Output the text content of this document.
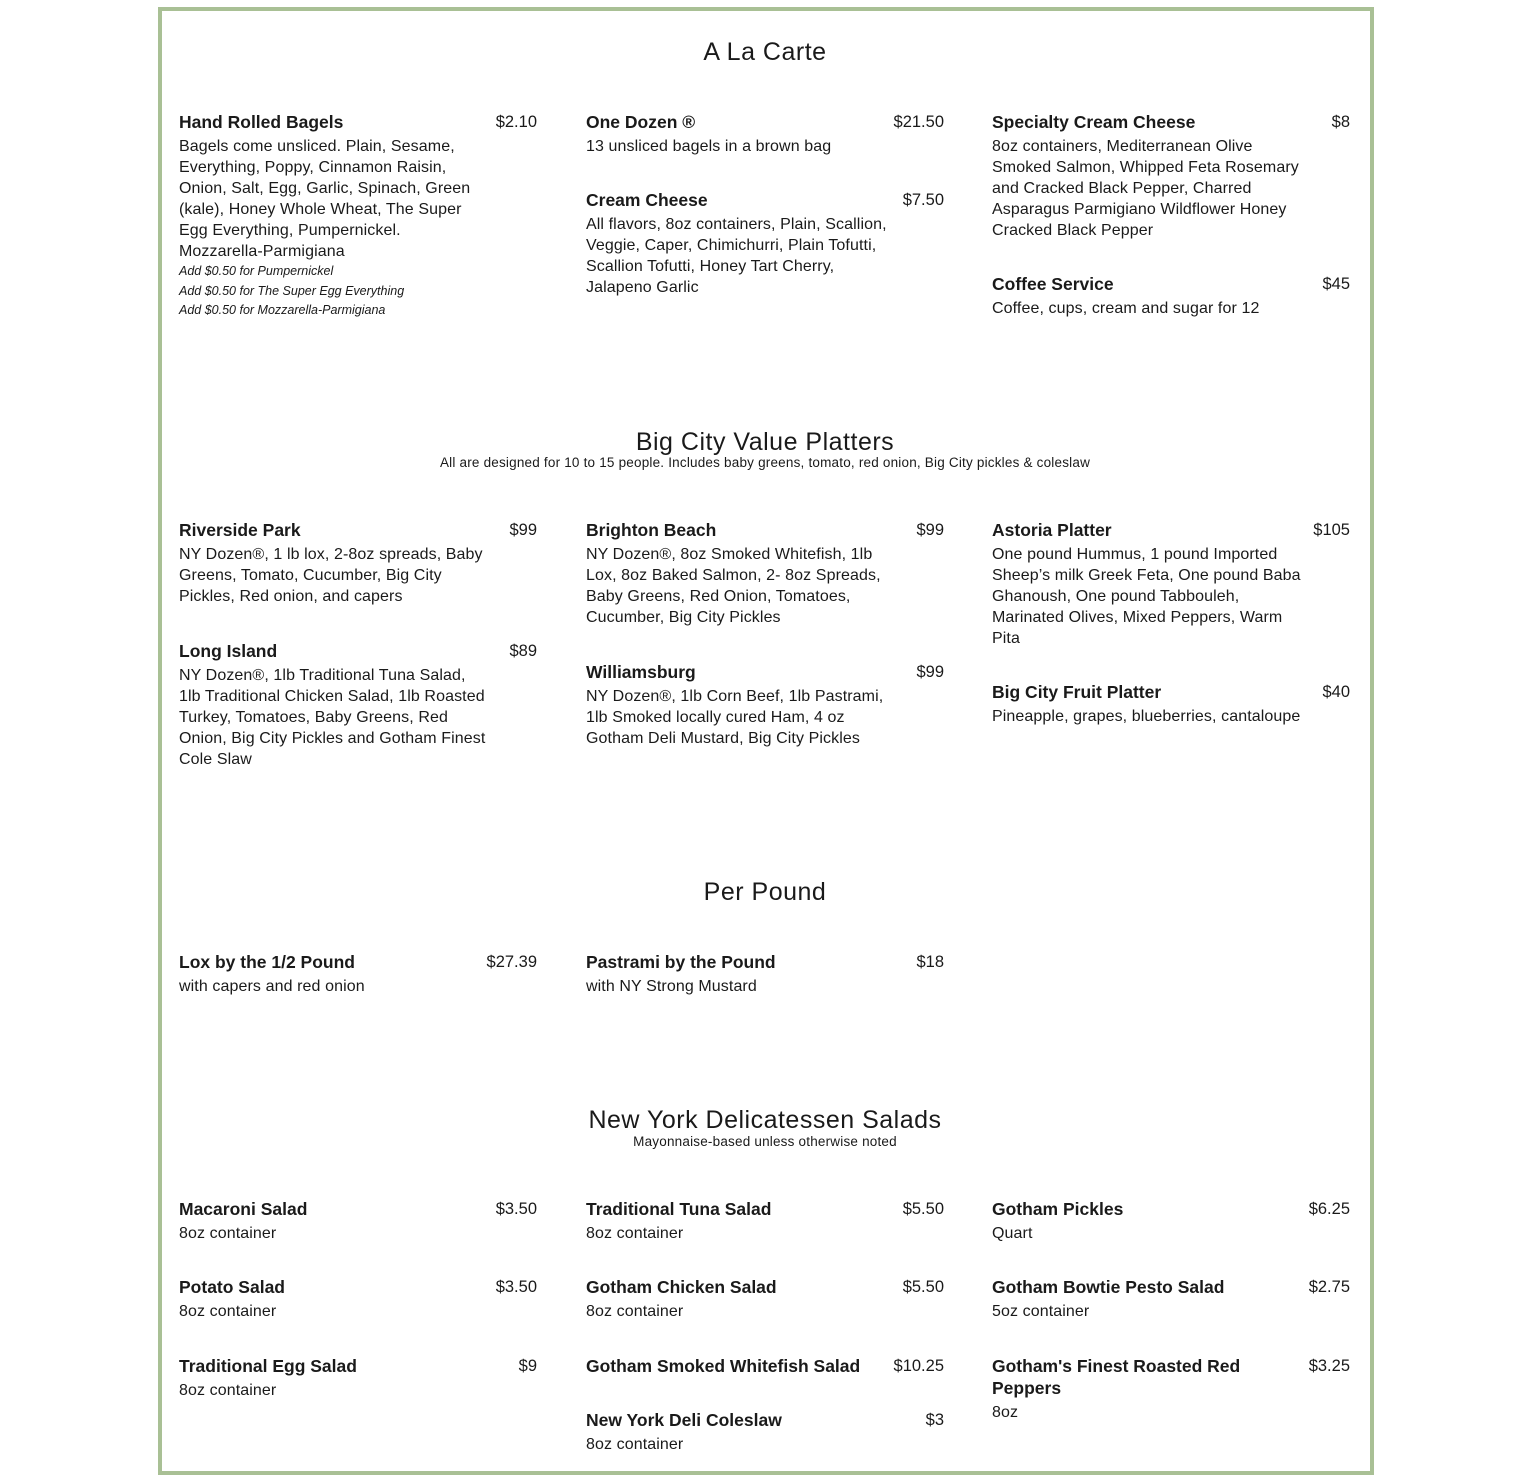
A La Carte
Hand Rolled Bagels	$2.10
Bagels come unsliced. Plain, Sesame, Everything, Poppy, Cinnamon Raisin, Onion, Salt, Egg, Garlic, Spinach, Green (kale), Honey Whole Wheat, The Super Egg Everything, Pumpernickel. Mozzarella-Parmigiana
Add $0.50 for Pumpernickel
Add $0.50 for The Super Egg Everything
Add $0.50 for Mozzarella-Parmigiana
One Dozen ®	$21.50
13 unsliced bagels in a brown bag
Cream Cheese	$7.50
All flavors, 8oz containers, Plain, Scallion, Veggie, Caper, Chimichurri, Plain Tofutti, Scallion Tofutti, Honey Tart Cherry, Jalapeno Garlic
Specialty Cream Cheese	$8
8oz containers, Mediterranean Olive Smoked Salmon, Whipped Feta Rosemary and Cracked Black Pepper, Charred Asparagus Parmigiano Wildflower Honey Cracked Black Pepper
Coffee Service	$45
Coffee, cups, cream and sugar for 12
Big City Value Platters
All are designed for 10 to 15 people. Includes baby greens, tomato, red onion, Big City pickles & coleslaw
Riverside Park	$99
NY Dozen®, 1 lb lox, 2-8oz spreads, Baby Greens, Tomato, Cucumber, Big City Pickles, Red onion, and capers
Long Island	$89
NY Dozen®, 1lb Traditional Tuna Salad, 1lb Traditional Chicken Salad, 1lb Roasted Turkey, Tomatoes, Baby Greens, Red Onion, Big City Pickles and Gotham Finest Cole Slaw
Brighton Beach	$99
NY Dozen®, 8oz Smoked Whitefish, 1lb Lox, 8oz Baked Salmon, 2- 8oz Spreads, Baby Greens, Red Onion, Tomatoes, Cucumber, Big City Pickles
Williamsburg	$99
NY Dozen®, 1lb Corn Beef, 1lb Pastrami, 1lb Smoked locally cured Ham, 4 oz Gotham Deli Mustard, Big City Pickles
Astoria Platter	$105
One pound Hummus, 1 pound Imported Sheep’s milk Greek Feta, One pound Baba Ghanoush, One pound Tabbouleh, Marinated Olives, Mixed Peppers, Warm Pita
Big City Fruit Platter	$40
Pineapple, grapes, blueberries, cantaloupe
Per Pound
Lox by the 1/2 Pound	$27.39
with capers and red onion
Pastrami by the Pound	$18
with NY Strong Mustard
New York Delicatessen Salads
Mayonnaise-based unless otherwise noted
Macaroni Salad	$3.50
8oz container
Potato Salad	$3.50
8oz container
Traditional Egg Salad	$9
8oz container
Traditional Tuna Salad	$5.50
8oz container
Gotham Chicken Salad	$5.50
8oz container
Gotham Smoked Whitefish Salad $10.25
New York Deli Coleslaw	$3
8oz container
Gotham Pickles	$6.25
Quart
Gotham Bowtie Pesto Salad	$2.75
5oz container
Gotham's Finest Roasted Red Peppers
$3.25
8oz
